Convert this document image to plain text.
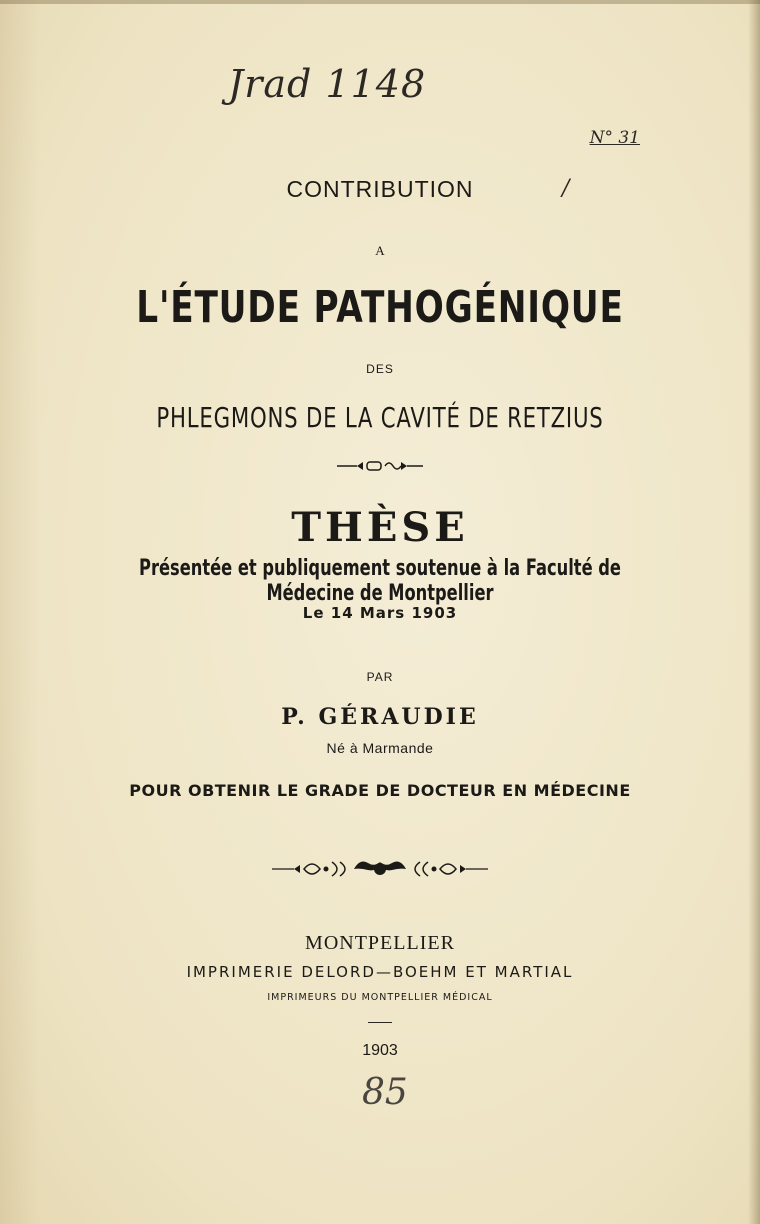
Jrad 1148
N° 31
/
CONTRIBUTION
A
L'ÉTUDE PATHOGÉNIQUE
DES
PHLEGMONS DE LA CAVITÉ DE RETZIUS
THÈSE
Présentée et publiquement soutenue à la Faculté de Médecine de Montpellier
Le 14 Mars 1903
PAR
P. GÉRAUDIE
Né à Marmande
POUR OBTENIR LE GRADE DE DOCTEUR EN MÉDECINE
MONTPELLIER
IMPRIMERIE DELORD—BOEHM ET MARTIAL
IMPRIMEURS DU MONTPELLIER MÉDICAL
1903
85
